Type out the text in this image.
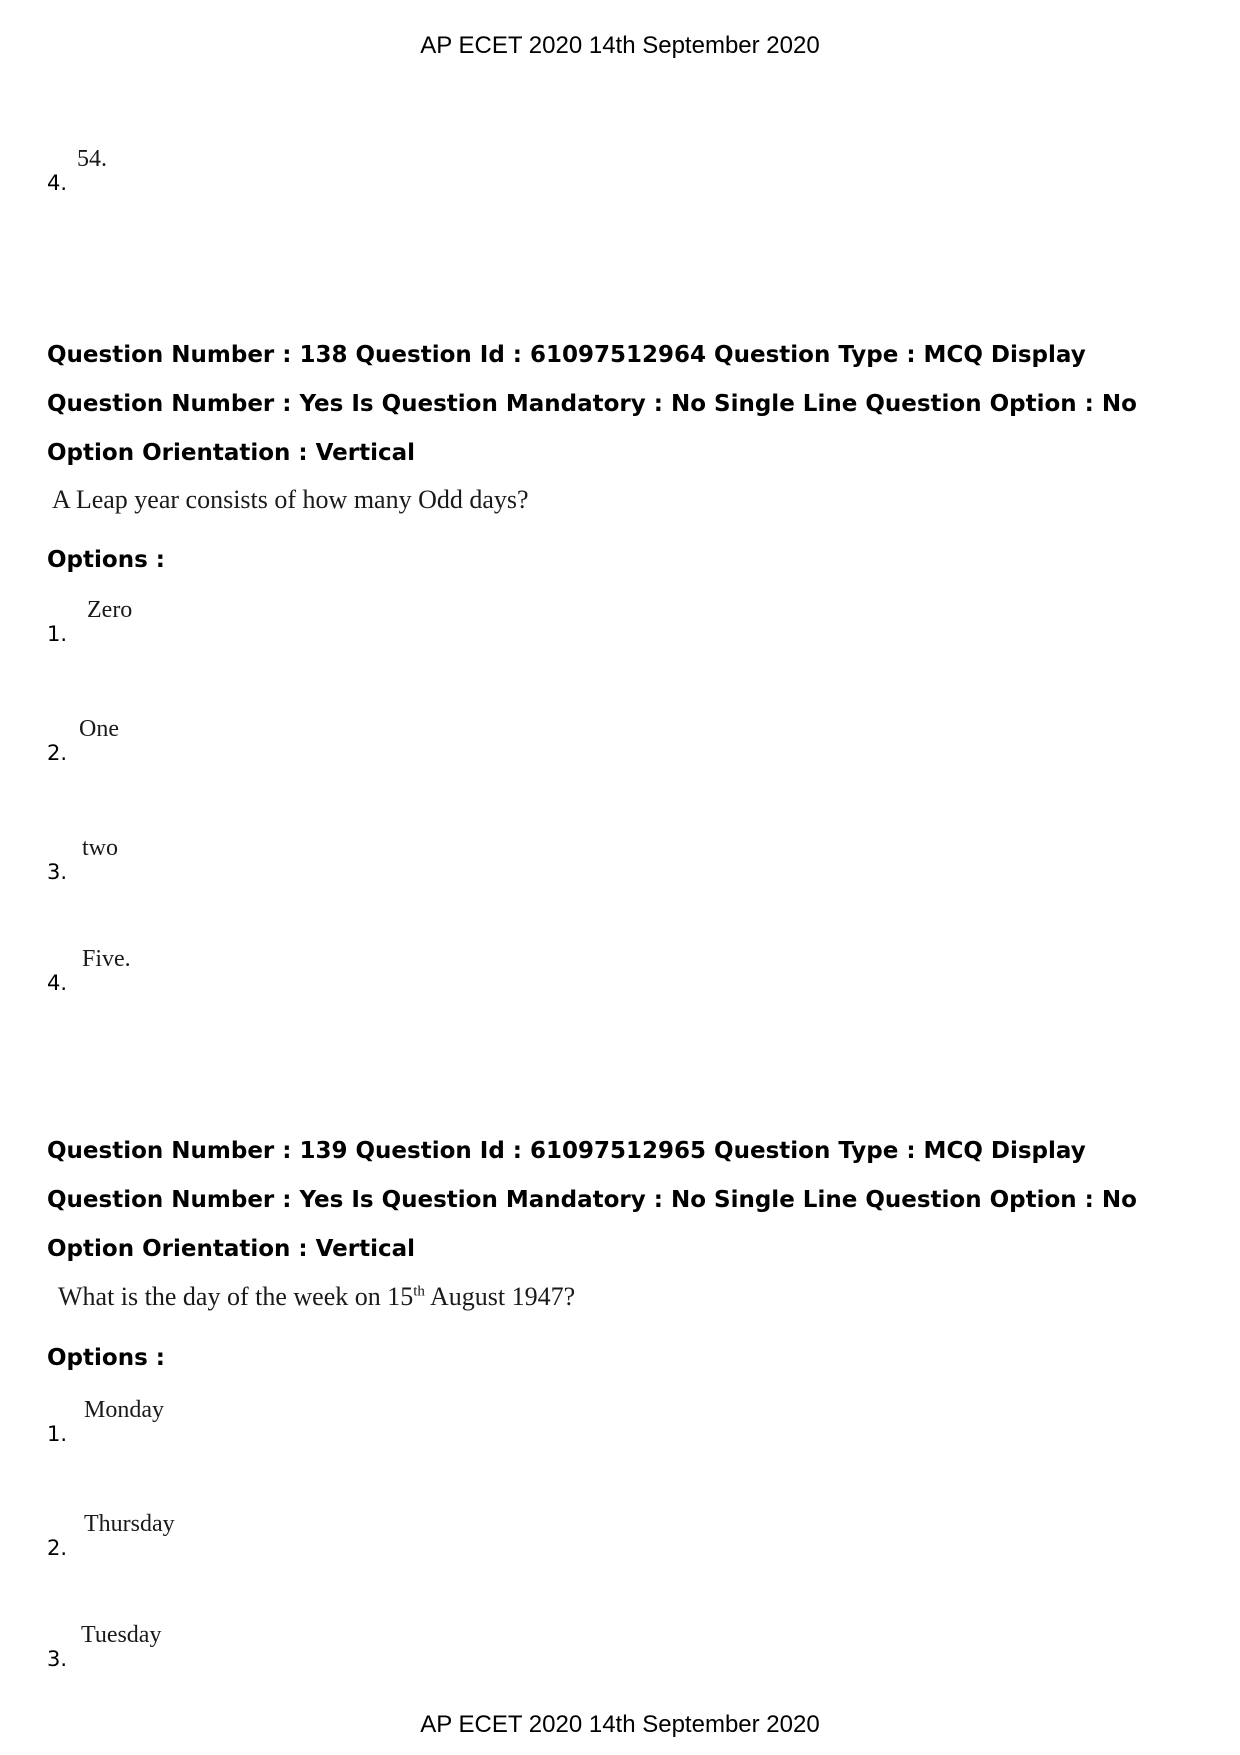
AP ECET 2020 14th September 2020
4.
54.
Question Number : 138 Question Id : 61097512964 Question Type : MCQ Display Question Number : Yes Is Question Mandatory : No Single Line Question Option : No Option Orientation : Vertical
A Leap year consists of how many Odd days?
Options :
1.
Zero
2.
One
3.
two
4.
Five.
Question Number : 139 Question Id : 61097512965 Question Type : MCQ Display Question Number : Yes Is Question Mandatory : No Single Line Question Option : No Option Orientation : Vertical
What is the day of the week on 15th August 1947?
Options :
1.
Monday
2.
Thursday
3.
Tuesday
AP ECET 2020 14th September 2020
